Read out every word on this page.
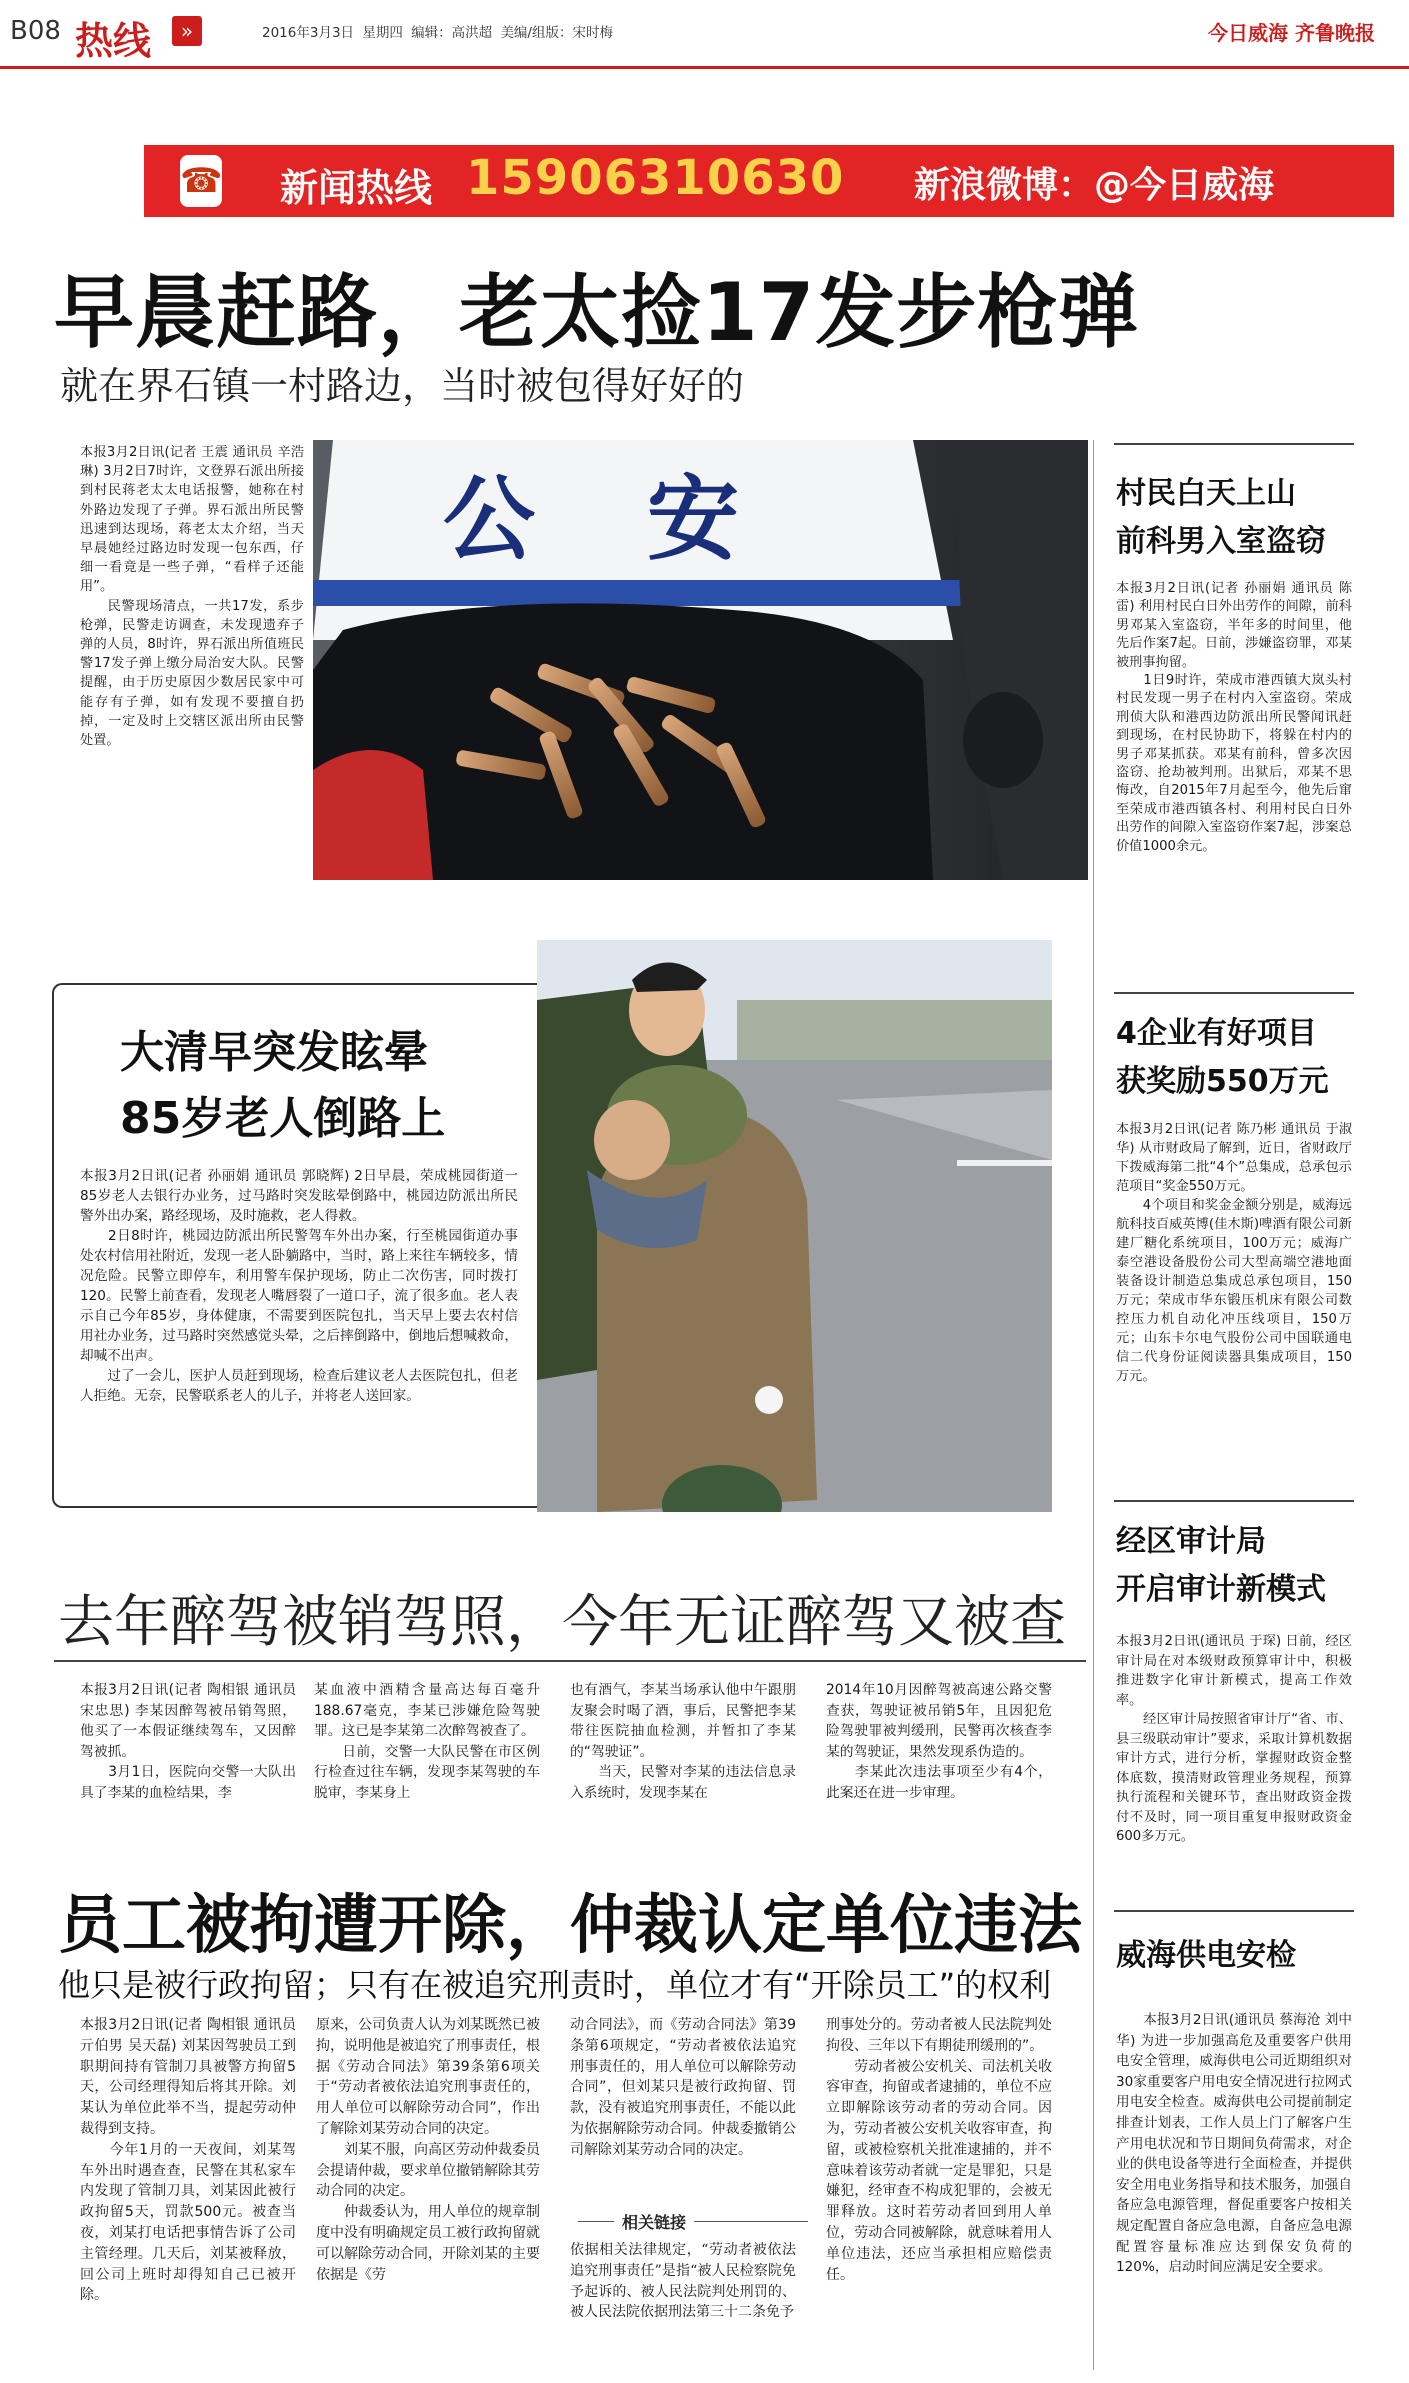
B08 热线	»	2016年3月3日 星期四 编辑：高洪超 美编/组版：宋时梅	今日威海 齐鲁晚报
☎ 新闻热线 15906310630 新浪微博：@今日威海
早晨赶路，老太捡17发步枪弹
就在界石镇一村路边，当时被包得好好的
本报3月2日讯(记者 王震 通讯员 辛浩琳) 3月2日7时许，文登界石派出所接到村民蒋老太太电话报警，她称在村外路边发现了子弹。界石派出所民警迅速到达现场，蒋老太太介绍，当天早晨她经过路边时发现一包东西，仔细一看竟是一些子弹，“看样子还能用”。
　　民警现场清点，一共17发，系步枪弹，民警走访调查，未发现遗弃子弹的人员，8时许，界石派出所值班民警17发子弹上缴分局治安大队。民警提醒，由于历史原因少数居民家中可能存有子弹，如有发现不要擅自扔掉，一定及时上交辖区派出所由民警处置。
公 安
大清早突发眩晕
85岁老人倒路上
本报3月2日讯(记者 孙丽娟 通讯员 郭晓辉) 2日早晨，荣成桃园街道一85岁老人去银行办业务，过马路时突发眩晕倒路中，桃园边防派出所民警外出办案，路经现场，及时施救，老人得救。
　　2日8时许，桃园边防派出所民警驾车外出办案，行至桃园街道办事处农村信用社附近，发现一老人卧躺路中，当时，路上来往车辆较多，情况危险。民警立即停车，利用警车保护现场，防止二次伤害，同时拨打120。民警上前查看，发现老人嘴唇裂了一道口子，流了很多血。老人表示自己今年85岁，身体健康，不需要到医院包扎，当天早上要去农村信用社办业务，过马路时突然感觉头晕，之后摔倒路中，倒地后想喊救命，却喊不出声。
　　过了一会儿，医护人员赶到现场，检查后建议老人去医院包扎，但老人拒绝。无奈，民警联系老人的儿子，并将老人送回家。
去年醉驾被销驾照，今年无证醉驾又被查
本报3月2日讯(记者 陶相银 通讯员 宋忠思) 李某因醉驾被吊销驾照，他买了一本假证继续驾车，又因醉驾被抓。
　　3月1日，医院向交警一大队出具了李某的血检结果，李
某血液中酒精含量高达每百毫升188.67毫克，李某已涉嫌危险驾驶罪。这已是李某第二次醉驾被查了。
　　日前，交警一大队民警在市区例行检查过往车辆，发现李某驾驶的车脱审，李某身上
也有酒气，李某当场承认他中午跟朋友聚会时喝了酒，事后，民警把李某带往医院抽血检测，并暂扣了李某的“驾驶证”。
　　当天，民警对李某的违法信息录入系统时，发现李某在
2014年10月因醉驾被高速公路交警查获，驾驶证被吊销5年，且因犯危险驾驶罪被判缓刑，民警再次核查李某的驾驶证，果然发现系伪造的。
　　李某此次违法事项至少有4个，此案还在进一步审理。
员工被拘遭开除，仲裁认定单位违法
他只是被行政拘留；只有在被追究刑责时，单位才有“开除员工”的权利
本报3月2日讯(记者 陶相银 通讯员 亓伯男 吴天磊) 刘某因驾驶员工到职期间持有管制刀具被警方拘留5天，公司经理得知后将其开除。刘某认为单位此举不当，提起劳动仲裁得到支持。
　　今年1月的一天夜间，刘某驾车外出时遇查查，民警在其私家车内发现了管制刀具，刘某因此被行政拘留5天，罚款500元。被查当夜，刘某打电话把事情告诉了公司主管经理。几天后，刘某被释放，回公司上班时却得知自己已被开除。
原来，公司负责人认为刘某既然已被拘，说明他是被追究了刑事责任，根据《劳动合同法》第39条第6项关于“劳动者被依法追究刑事责任的，用人单位可以解除劳动合同”，作出了解除刘某劳动合同的决定。
　　刘某不服，向高区劳动仲裁委员会提请仲裁，要求单位撤销解除其劳动合同的决定。
　　仲裁委认为，用人单位的规章制度中没有明确规定员工被行政拘留就可以解除劳动合同，开除刘某的主要依据是《劳
动合同法》，而《劳动合同法》第39条第6项规定，“劳动者被依法追究刑事责任的，用人单位可以解除劳动合同”，但刘某只是被行政拘留、罚款，没有被追究刑事责任，不能以此为依据解除劳动合同。仲裁委撤销公司解除刘某劳动合同的决定。
相关链接
依据相关法律规定，“劳动者被依法追究刑事责任”是指“被人民检察院免予起诉的、被人民法院判处刑罚的、被人民法院依据刑法第三十二条免予
刑事处分的。劳动者被人民法院判处拘役、三年以下有期徒刑缓刑的”。
　　劳动者被公安机关、司法机关收容审查，拘留或者逮捕的，单位不应立即解除该劳动者的劳动合同。因为，劳动者被公安机关收容审查，拘留，或被检察机关批准逮捕的，并不意味着该劳动者就一定是罪犯，只是嫌犯，经审查不构成犯罪的，会被无罪释放。这时若劳动者回到用人单位，劳动合同被解除，就意味着用人单位违法，还应当承担相应赔偿责任。
村民白天上山
前科男入室盗窃
本报3月2日讯(记者 孙丽娟 通讯员 陈雷) 利用村民白日外出劳作的间隙，前科男邓某入室盗窃，半年多的时间里，他先后作案7起。日前，涉嫌盗窃罪，邓某被刑事拘留。
　　1日9时许，荣成市港西镇大岚头村村民发现一男子在村内入室盗窃。荣成刑侦大队和港西边防派出所民警闻讯赶到现场，在村民协助下，将躲在村内的男子邓某抓获。邓某有前科，曾多次因盗窃、抢劫被判刑。出狱后，邓某不思悔改，自2015年7月起至今，他先后窜至荣成市港西镇各村、利用村民白日外出劳作的间隙入室盗窃作案7起，涉案总价值1000余元。
4企业有好项目
获奖励550万元
本报3月2日讯(记者 陈乃彬 通讯员 于淑华) 从市财政局了解到，近日，省财政厅下拨威海第二批“4个”总集成，总承包示范项目“奖金550万元。
　　4个项目和奖金金额分别是，威海远航科技百威英博(佳木斯)啤酒有限公司新建厂糖化系统项目，100万元；威海广泰空港设备股份公司大型高端空港地面装备设计制造总集成总承包项目，150万元；荣成市华东锻压机床有限公司数控压力机自动化冲压线项目，150万元；山东卡尔电气股份公司中国联通电信二代身份证阅读器具集成项目，150万元。
经区审计局
开启审计新模式
本报3月2日讯(通讯员 于琛) 日前，经区审计局在对本级财政预算审计中，积极推进数字化审计新模式，提高工作效率。
　　经区审计局按照省审计厅“省、市、县三级联动审计”要求，采取计算机数据审计方式，进行分析，掌握财政资金整体底数，摸清财政管理业务规程，预算执行流程和关键环节，查出财政资金拨付不及时，同一项目重复申报财政资金600多万元。
威海供电安检
本报3月2日讯(通讯员 蔡海沧 刘中华) 为进一步加强高危及重要客户供用电安全管理，威海供电公司近期组织对30家重要客户用电安全情况进行拉网式用电安全检查。威海供电公司提前制定排查计划表，工作人员上门了解客户生产用电状况和节日期间负荷需求，对企业的供电设备等进行全面检查，并提供安全用电业务指导和技术服务，加强自备应急电源管理，督促重要客户按相关规定配置自备应急电源，自备应急电源配置容量标准应达到保安负荷的120%，启动时间应满足安全要求。
